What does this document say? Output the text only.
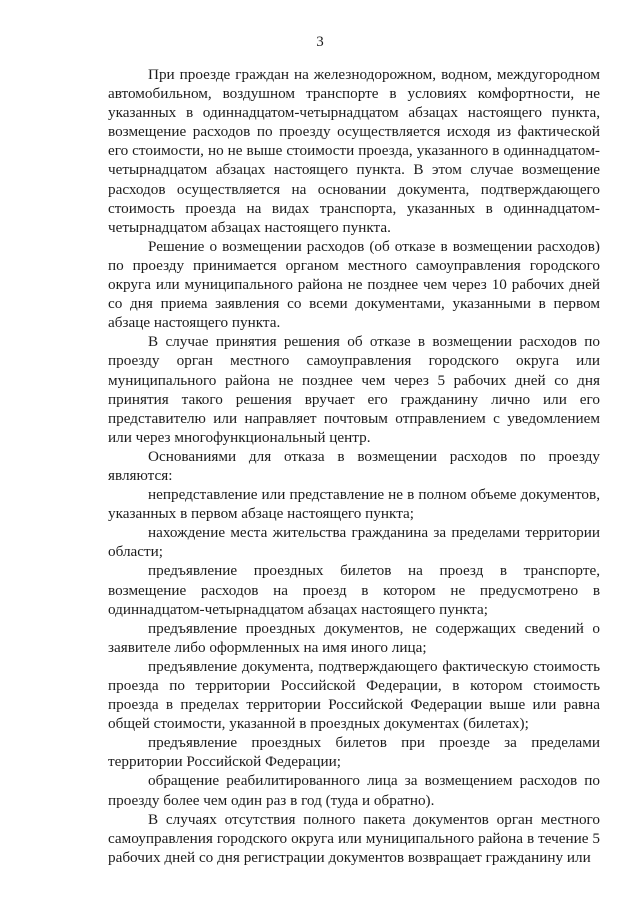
3

При проезде граждан на железнодорожном, водном, междугородном автомобильном, воздушном транспорте в условиях комфортности, не указанных в одиннадцатом-четырнадцатом абзацах настоящего пункта, возмещение расходов по проезду осуществляется исходя из фактической его стоимости, но не выше стоимости проезда, указанного в одиннадцатом-четырнадцатом абзацах настоящего пункта. В этом случае возмещение расходов осуществляется на основании документа, подтверждающего стоимость проезда на видах транспорта, указанных в одиннадцатом-четырнадцатом абзацах настоящего пункта.

Решение о возмещении расходов (об отказе в возмещении расходов) по проезду принимается органом местного самоуправления городского округа или муниципального района не позднее чем через 10 рабочих дней со дня приема заявления со всеми документами, указанными в первом абзаце настоящего пункта.

В случае принятия решения об отказе в возмещении расходов по проезду орган местного самоуправления городского округа или муниципального района не позднее чем через 5 рабочих дней со дня принятия такого решения вручает его гражданину лично или его представителю или направляет почтовым отправлением с уведомлением или через многофункциональный центр.

Основаниями для отказа в возмещении расходов по проезду являются:

непредставление или представление не в полном объеме документов, указанных в первом абзаце настоящего пункта;

нахождение места жительства гражданина за пределами территории области;

предъявление проездных билетов на проезд в транспорте, возмещение расходов на проезд в котором не предусмотрено в одиннадцатом-четырнадцатом абзацах настоящего пункта;

предъявление проездных документов, не содержащих сведений о заявителе либо оформленных на имя иного лица;

предъявление документа, подтверждающего фактическую стоимость проезда по территории Российской Федерации, в котором стоимость проезда в пределах территории Российской Федерации выше или равна общей стоимости, указанной в проездных документах (билетах);

предъявление проездных билетов при проезде за пределами территории Российской Федерации;

обращение реабилитированного лица за возмещением расходов по проезду более чем один раз в год (туда и обратно).

В случаях отсутствия полного пакета документов орган местного самоуправления городского округа или муниципального района в течение 5 рабочих дней со дня регистрации документов возвращает гражданину или
